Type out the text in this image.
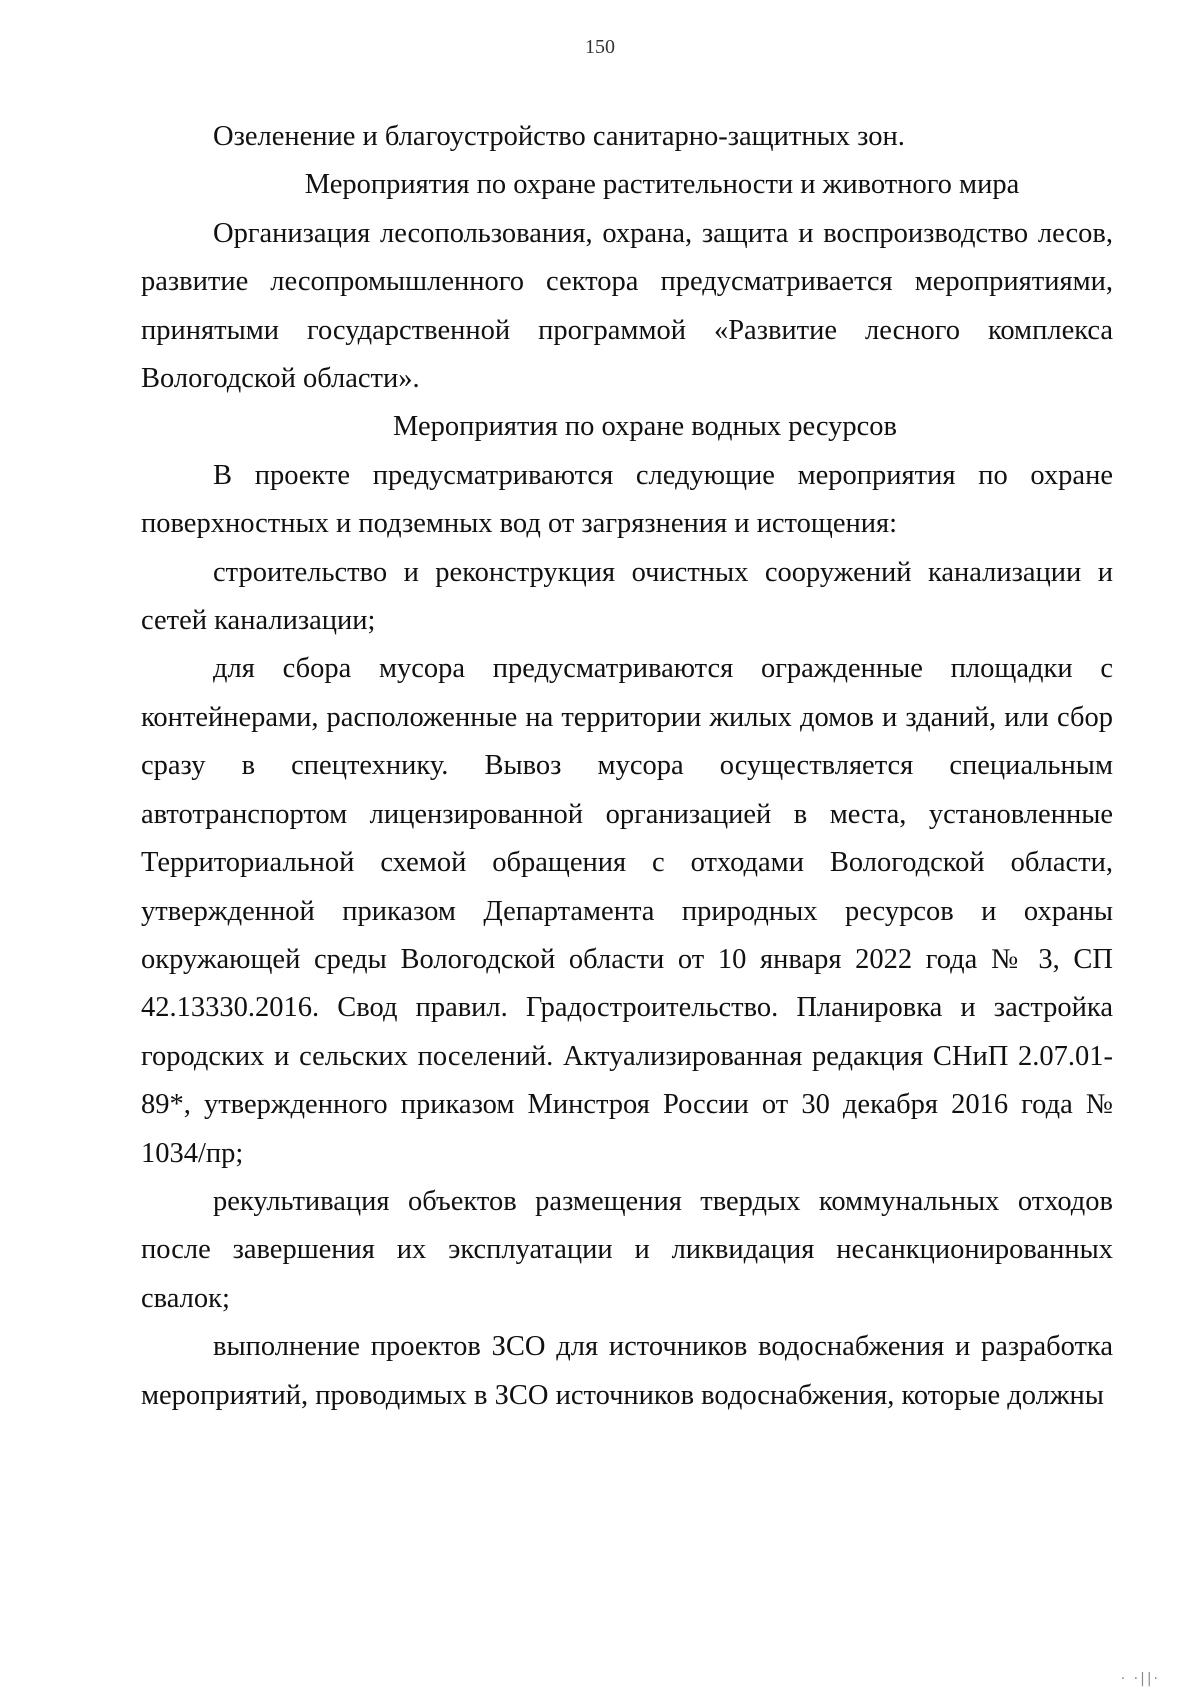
150

Озеленение и благоустройство санитарно-защитных зон.

Мероприятия по охране растительности и животного мира

Организация лесопользования, охрана, защита и воспроизводство лесов, развитие лесопромышленного сектора предусматривается мероприятиями, принятыми государственной программой «Развитие лесного комплекса Вологодской области».

Мероприятия по охране водных ресурсов

В проекте предусматриваются следующие мероприятия по охране поверхностных и подземных вод от загрязнения и истощения:

строительство и реконструкция очистных сооружений канализации и сетей канализации;

для сбора мусора предусматриваются огражденные площадки с контейнерами, расположенные на территории жилых домов и зданий, или сбор сразу в спецтехнику. Вывоз мусора осуществляется специальным автотранспортом лицензированной организацией в места, установленные Территориальной схемой обращения с отходами Вологодской области, утвержденной приказом Департамента природных ресурсов и охраны окружающей среды Вологодской области от 10 января 2022 года № 3, СП 42.13330.2016. Свод правил. Градостроительство. Планировка и застройка городских и сельских поселений. Актуализированная редакция СНиП 2.07.01-89*, утвержденного приказом Минстроя России от 30 декабря 2016 года № 1034/пр;

рекультивация объектов размещения твердых коммунальных отходов после завершения их эксплуатации и ликвидация несанкционированных свалок;

выполнение проектов ЗСО для источников водоснабжения и разработка мероприятий, проводимых в ЗСО источников водоснабжения, которые должны

· ·||·
